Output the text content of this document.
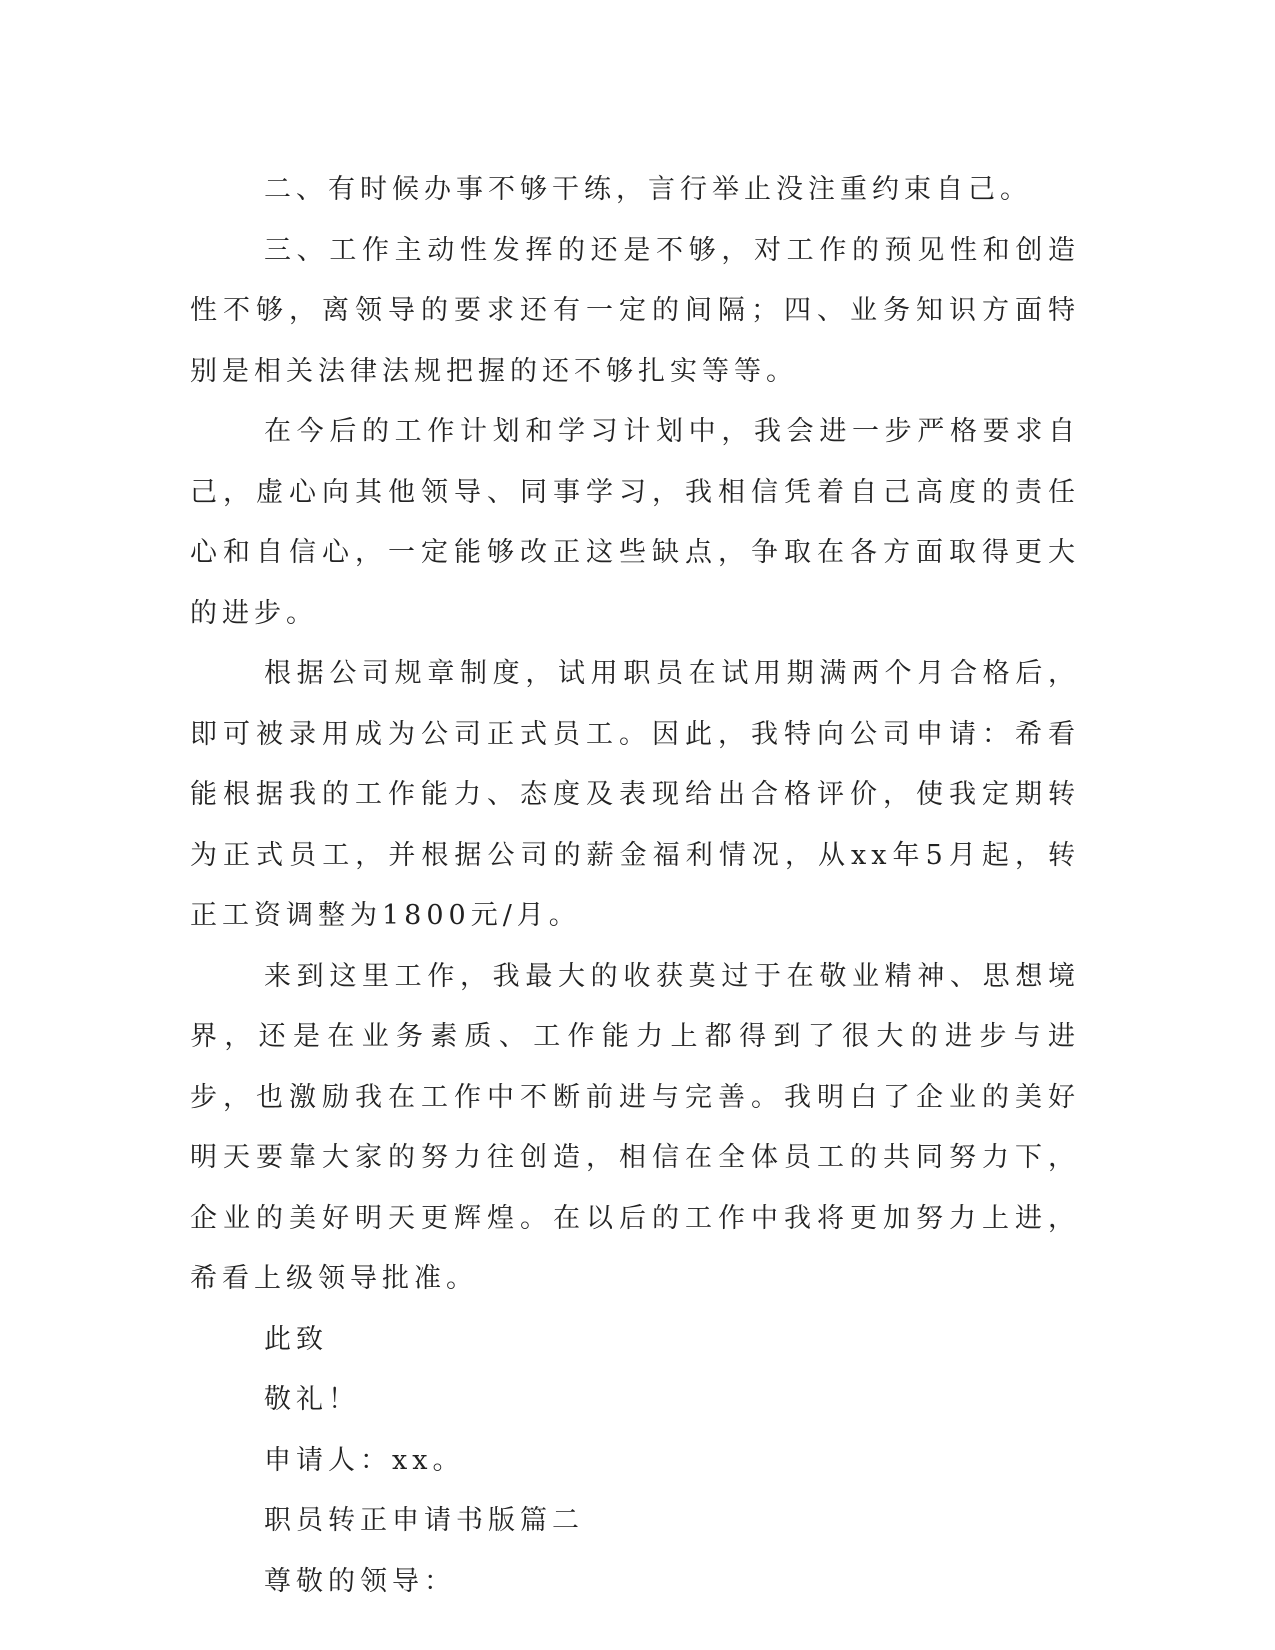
二、有时候办事不够干练，言行举止没注重约束自己。

三、工作主动性发挥的还是不够，对工作的预见性和创造性不够，离领导的要求还有一定的间隔；四、业务知识方面特别是相关法律法规把握的还不够扎实等等。

在今后的工作计划和学习计划中，我会进一步严格要求自己，虚心向其他领导、同事学习，我相信凭着自己高度的责任心和自信心，一定能够改正这些缺点，争取在各方面取得更大的进步。

根据公司规章制度，试用职员在试用期满两个月合格后，即可被录用成为公司正式员工。因此，我特向公司申请：希看能根据我的工作能力、态度及表现给出合格评价，使我定期转为正式员工，并根据公司的薪金福利情况，从xx年5月起，转正工资调整为1800元/月。

来到这里工作，我最大的收获莫过于在敬业精神、思想境界，还是在业务素质、工作能力上都得到了很大的进步与进步，也激励我在工作中不断前进与完善。我明白了企业的美好明天要靠大家的努力往创造，相信在全体员工的共同努力下，企业的美好明天更辉煌。在以后的工作中我将更加努力上进，希看上级领导批准。

此致

敬礼！

申请人：xx。

职员转正申请书版篇二

尊敬的领导：
